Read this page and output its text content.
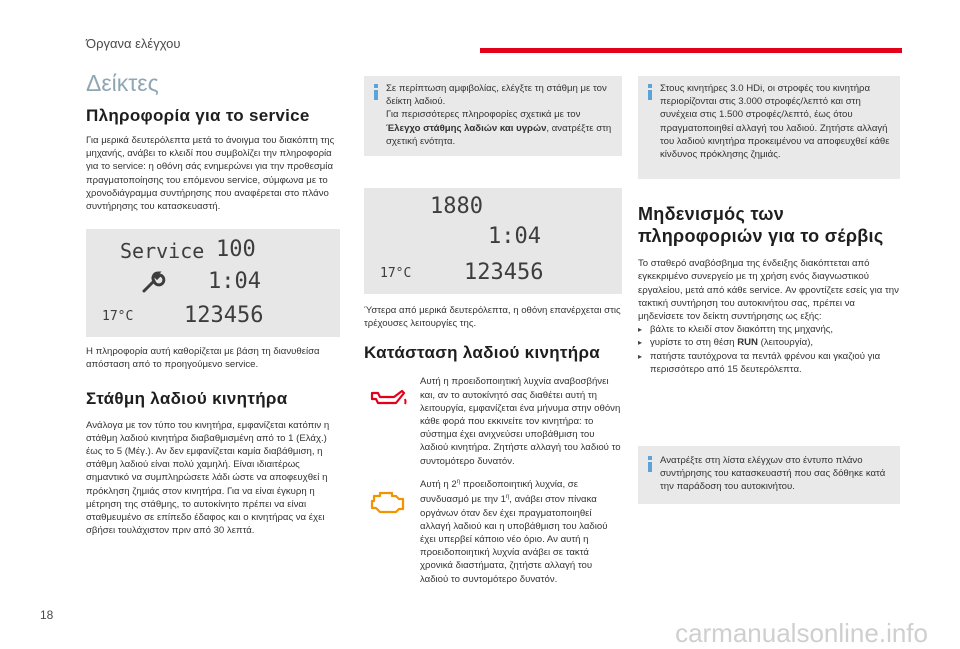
Όργανα ελέγχου
Δείκτες
Πληροφορία για το service

Για μερικά δευτερόλεπτα μετά το άνοιγμα του διακόπτη της μηχανής, ανάβει το κλειδί που συμβολίζει την πληροφορία για το service: η οθόνη σάς ενημερώνει για την προθεσμία πραγματοποίησης του επόμενου service, σύμφωνα με το χρονοδιάγραμμα συντήρησης που αναφέρεται στο πλάνο συντήρησης του κατασκευαστή.

Service 100
1:04
17°C 123456

Η πληροφορία αυτή καθορίζεται με βάση τη διανυθείσα απόσταση από το προηγούμενο service.

Στάθμη λαδιού κινητήρα

Ανάλογα με τον τύπο του κινητήρα, εμφανίζεται κατόπιν η στάθμη λαδιού κινητήρα διαβαθμισμένη από το 1 (Ελάχ.) έως το 5 (Μέγ.). Αν δεν εμφανίζεται καμία διαβάθμιση, η στάθμη λαδιού είναι πολύ χαμηλή. Είναι ιδιαιτέρως σημαντικό να συμπληρώσετε λάδι ώστε να αποφευχθεί η πρόκληση ζημιάς στον κινητήρα. Για να είναι έγκυρη η μέτρηση της στάθμης, το αυτοκίνητο πρέπει να είναι σταθμευμένο σε επίπεδο έδαφος και ο κινητήρας να έχει σβήσει τουλάχιστον πριν από 30 λεπτά.

Σε περίπτωση αμφιβολίας, ελέγξτε τη στάθμη με τον δείκτη λαδιού.

Για περισσότερες πληροφορίες σχετικά με τον Έλεγχο στάθμης λαδιών και υγρών, ανατρέξτε στη σχετική ενότητα.

1880
1:04
17°C 123456

Ύστερα από μερικά δευτερόλεπτα, η οθόνη επανέρχεται στις τρέχουσες λειτουργίες της.

Κατάσταση λαδιού κινητήρα

Αυτή η προειδοποιητική λυχνία αναβοσβήνει και, αν το αυτοκίνητό σας διαθέτει αυτή τη λειτουργία, εμφανίζεται ένα μήνυμα στην οθόνη κάθε φορά που εκκινείτε τον κινητήρα: το σύστημα έχει ανιχνεύσει υποβάθμιση του λαδιού κινητήρα. Ζητήστε αλλαγή του λαδιού το συντομότερο δυνατόν.

Αυτή η $2^\eta$ προειδοποιητική λυχνία, σε συνδυασμό με την $1^\eta$, ανάβει στον πίνακα οργάνων όταν δεν έχει πραγματοποιηθεί αλλαγή λαδιού και η υποβάθμιση του λαδιού έχει υπερβεί κάποιο νέο όριο. Αν αυτή η προειδοποιητική λυχνία ανάβει σε τακτά χρονικά διαστήματα, ζητήστε αλλαγή του λαδιού το συντομότερο δυνατόν.

Στους κινητήρες 3.0 HDi, οι στροφές του κινητήρα περιορίζονται στις 3.000 στροφές/λεπτό και στη συνέχεια στις 1.500 στροφές/λεπτό, έως ότου πραγματοποιηθεί αλλαγή του λαδιού. Ζητήστε αλλαγή του λαδιού κινητήρα προκειμένου να αποφευχθεί κάθε κίνδυνος πρόκλησης ζημιάς.

Μηδενισμός των πληροφοριών για το σέρβις

Το σταθερό αναβόσβημα της ένδειξης διακόπτεται από εγκεκριμένο συνεργείο με τη χρήση ενός διαγνωστικού εργαλείου, μετά από κάθε service. Αν φροντίζετε εσείς για την τακτική συντήρηση του αυτοκινήτου σας, πρέπει να μηδενίσετε τον δείκτη συντήρησης ως εξής:

▸ βάλτε το κλειδί στον διακόπτη της μηχανής,

▸ γυρίστε το στη θέση RUN (λειτουργία),

▸ πατήστε ταυτόχρονα τα πεντάλ φρένου και γκαζιού για περισσότερο από 15 δευτερόλεπτα.

Ανατρέξτε στη λίστα ελέγχων στο έντυπο πλάνο συντήρησης του κατασκευαστή που σας δόθηκε κατά την παράδοση του αυτοκινήτου.

18
carmanualsonline.info
